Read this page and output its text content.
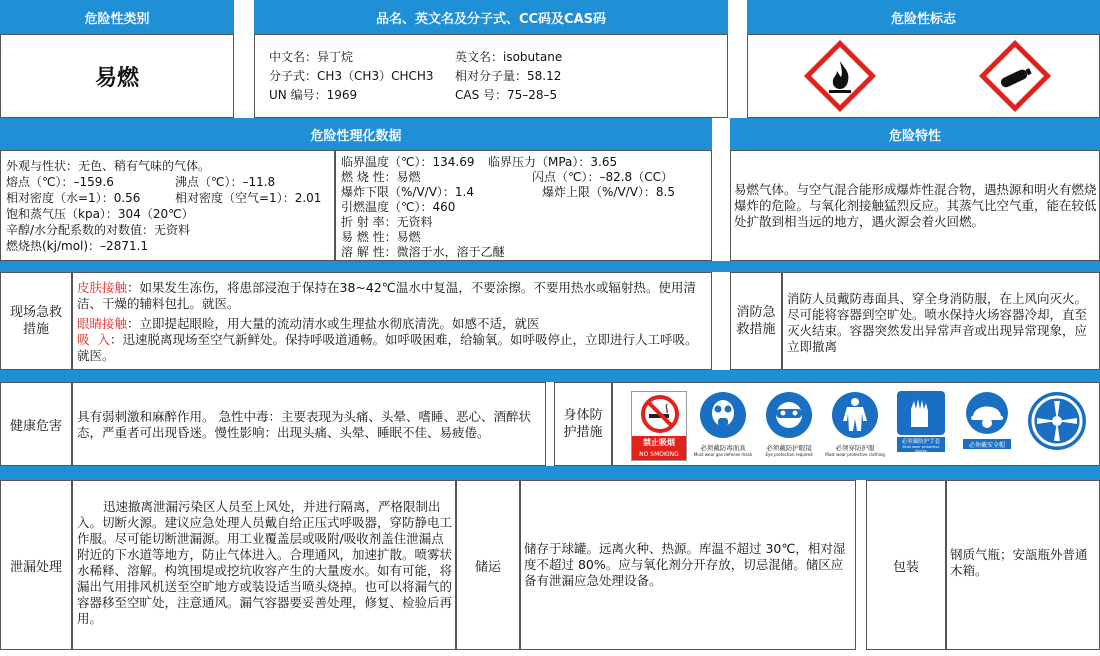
危险性类别	品名、英文名及分子式、CC码及CAS码	危险性标志
易燃
中文名：异丁烷
分子式：CH3（CH3）CHCH3
UN 编号：1969
英文名：isobutane
相对分子量：58.12
CAS 号：75–28–5
危险性理化数据	危险特性
外观与性状：无色、稍有气味的气体。
熔点（℃）：–159.6	沸点（℃）：–11.8
相对密度（水=1）：0.56	相对密度（空气=1）：2.01
饱和蒸气压（kpa）：304（20℃）
辛醇/水分配系数的对数值：无资料
燃烧热(kj/mol)：–2871.1
临界温度（℃）：134.69 临界压力（MPa）：3.65
燃 烧 性：易燃	闪点（℃）：–82.8（CC）
爆炸下限（%/V/V）：1.4	爆炸上限（%/V/V）：8.5
引燃温度（℃）：460
折 射 率：无资料
易 燃 性：易燃
溶 解 性：微溶于水，溶于乙醚
易燃气体。与空气混合能形成爆炸性混合物，遇热源和明火有燃烧爆炸的危险。与氧化剂接触猛烈反应。其蒸气比空气重，能在较低处扩散到相当远的地方，遇火源会着火回燃。
现场急救措施
皮肤接触：如果发生冻伤，将患部浸泡于保持在38~42℃温水中复温，不要涂擦。不要用热水或辐射热。使用清洁、干燥的辅料包扎。就医。
眼睛接触：立即提起眼睑，用大量的流动清水或生理盐水彻底清洗。如感不适，就医
吸  入：迅速脱离现场至空气新鲜处。保持呼吸道通畅。如呼吸困难，给输氧。如呼吸停止，立即进行人工呼吸。就医。
消防急救措施
消防人员戴防毒面具、穿全身消防服，在上风向灭火。尽可能将容器到空旷处。喷水保持火场容器冷却，直至灭火结束。容器突然发出异常声音或出现异常现象，应立即撤离
健康危害
具有弱刺激和麻醉作用。 急性中毒：主要表现为头痛、头晕、嗜睡、恶心、酒醉状态，严重者可出现昏迷。慢性影响：出现头痛、头晕、睡眠不佳、易疲倦。
身体防护措施
禁止吸烟
NO SMOKING
必须戴防毒面具
Must wear gas defense mask
必须戴防护眼镜
Eye protection required
必须穿防护服
Must wear protective clothing
必须戴防护手套
Must wear protective gloves
必须戴安全帽
泄漏处理
迅速撤离泄漏污染区人员至上风处，并进行隔离，严格限制出入。切断火源。建议应急处理人员戴自给正压式呼吸器，穿防静电工作服。尽可能切断泄漏源。用工业覆盖层或吸附/吸收剂盖住泄漏点附近的下水道等地方，防止气体进入。合理通风，加速扩散。喷雾状水稀释、溶解。构筑围堤或挖坑收容产生的大量废水。如有可能，将漏出气用排风机送至空旷地方或装设适当喷头烧掉。也可以将漏气的容器移至空旷处，注意通风。漏气容器要妥善处理，修复、检验后再用。
储运
储存于球罐。远离火种、热源。库温不超过 30℃，相对湿度不超过 80%。应与氧化剂分开存放，切忌混储。储区应备有泄漏应急处理设备。
包装
钢质气瓶；安瓿瓶外普通木箱。
